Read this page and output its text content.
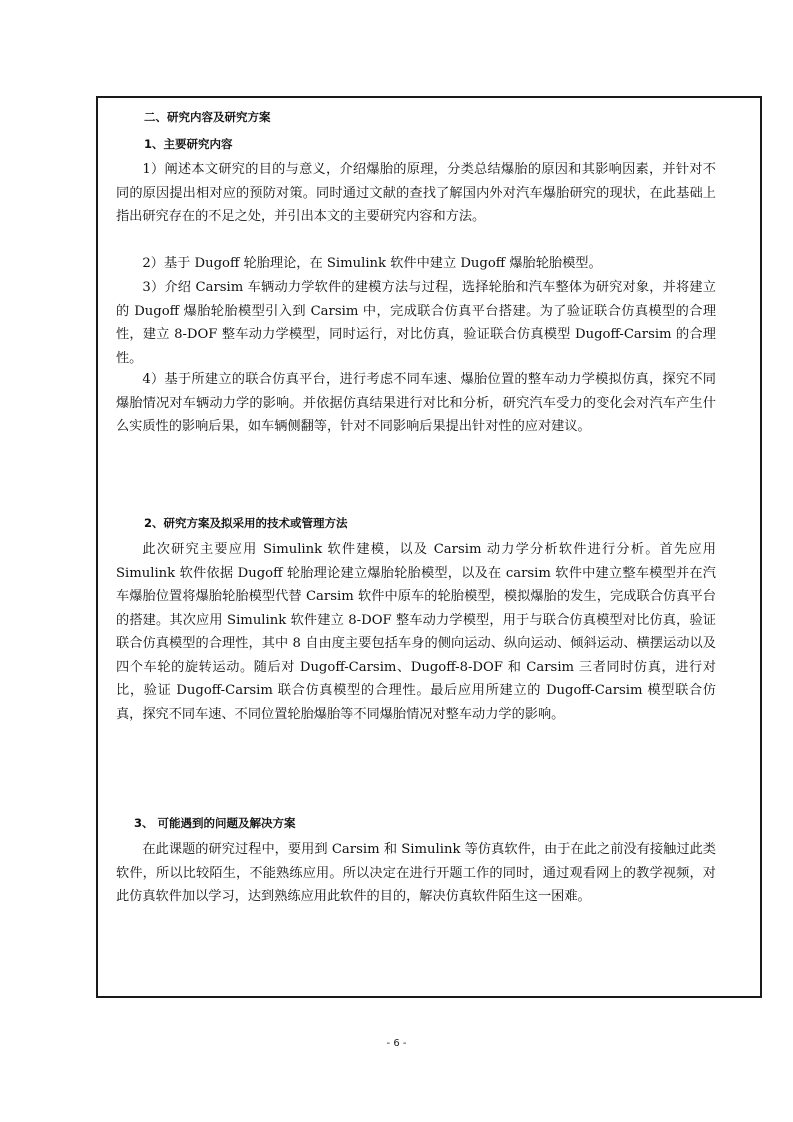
二、研究内容及研究方案
1、主要研究内容

1）阐述本文研究的目的与意义，介绍爆胎的原理，分类总结爆胎的原因和其影响因素，并针对不同的原因提出相对应的预防对策。同时通过文献的查找了解国内外对汽车爆胎研究的现状，在此基础上指出研究存在的不足之处，并引出本文的主要研究内容和方法。

2）基于 Dugoff 轮胎理论，在 Simulink 软件中建立 Dugoff 爆胎轮胎模型。

3）介绍 Carsim 车辆动力学软件的建模方法与过程，选择轮胎和汽车整体为研究对象，并将建立的 Dugoff 爆胎轮胎模型引入到 Carsim 中，完成联合仿真平台搭建。为了验证联合仿真模型的合理性，建立 8-DOF 整车动力学模型，同时运行，对比仿真，验证联合仿真模型 Dugoff-Carsim 的合理性。

4）基于所建立的联合仿真平台，进行考虑不同车速、爆胎位置的整车动力学模拟仿真，探究不同爆胎情况对车辆动力学的影响。并依据仿真结果进行对比和分析，研究汽车受力的变化会对汽车产生什么实质性的影响后果，如车辆侧翻等，针对不同影响后果提出针对性的应对建议。

2、研究方案及拟采用的技术或管理方法

此次研究主要应用 Simulink 软件建模，以及 Carsim 动力学分析软件进行分析。首先应用 Simulink 软件依据 Dugoff 轮胎理论建立爆胎轮胎模型，以及在 carsim 软件中建立整车模型并在汽车爆胎位置将爆胎轮胎模型代替 Carsim 软件中原车的轮胎模型，模拟爆胎的发生，完成联合仿真平台的搭建。其次应用 Simulink 软件建立 8-DOF 整车动力学模型，用于与联合仿真模型对比仿真，验证联合仿真模型的合理性，其中 8 自由度主要包括车身的侧向运动、纵向运动、倾斜运动、横摆运动以及四个车轮的旋转运动。随后对 Dugoff-Carsim、Dugoff-8-DOF 和 Carsim 三者同时仿真，进行对比，验证 Dugoff-Carsim 联合仿真模型的合理性。最后应用所建立的 Dugoff-Carsim 模型联合仿真，探究不同车速、不同位置轮胎爆胎等不同爆胎情况对整车动力学的影响。

3、 可能遇到的问题及解决方案

在此课题的研究过程中，要用到 Carsim 和 Simulink 等仿真软件，由于在此之前没有接触过此类软件，所以比较陌生，不能熟练应用。所以决定在进行开题工作的同时，通过观看网上的教学视频，对此仿真软件加以学习，达到熟练应用此软件的目的，解决仿真软件陌生这一困难。

- 6 -
